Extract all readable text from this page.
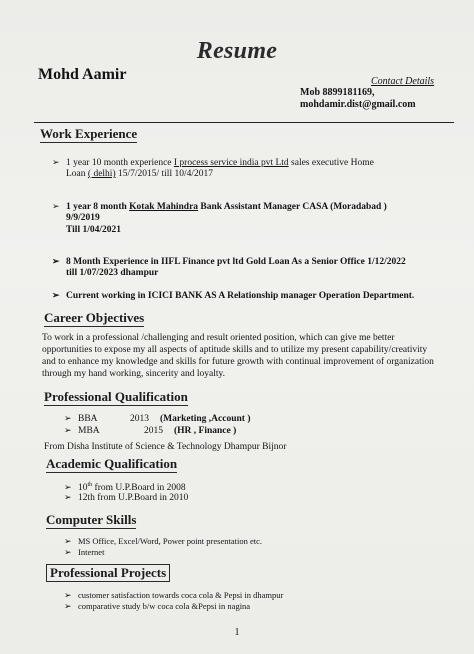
Resume
Mohd Aamir	Contact Details
Mob 8899181169,
mohdamir.dist@gmail.com
Work Experience
➢ 1 year 10 month experience I process service india pvt Ltd sales executive Home
Loan ( delhi) 15/7/2015/ till 10/4/2017
➢ 1 year 8 month Kotak Mahindra Bank Assistant Manager CASA (Moradabad )
9/9/2019
Till 1/04/2021
➢ 8 Month Experience in IIFL Finance pvt ltd Gold Loan As a Senior Office 1/12/2022
till 1/07/2023 dhampur
➢ Current working in ICICI BANK AS A Relationship manager Operation Department.
Career Objectives
To work in a professional /challenging and result oriented position, which can give me better opportunities to expose my all aspects of aptitude skills and to utilize my present capability/creativity and to enhance my knowledge and skills for future growth with continual improvement of organization through my hand working, sincerity and loyalty.
Professional Qualification
➢ BBA	2013 (Marketing ,Account )
➢ MBA	2015 (HR , Finance )
From Disha Institute of Science & Technology Dhampur Bijnor
Academic Qualification
➢ 10th from U.P.Board in 2008
➢ 12th from U.P.Board in 2010
Computer Skills
➢ MS Office, Excel/Word, Power point presentation etc.
➢ Internet
Professional Projects
➢ customer satisfaction towards coca cola & Pepsi in dhampur
➢ comparative study b/w coca cola &Pepsi in nagina
1
